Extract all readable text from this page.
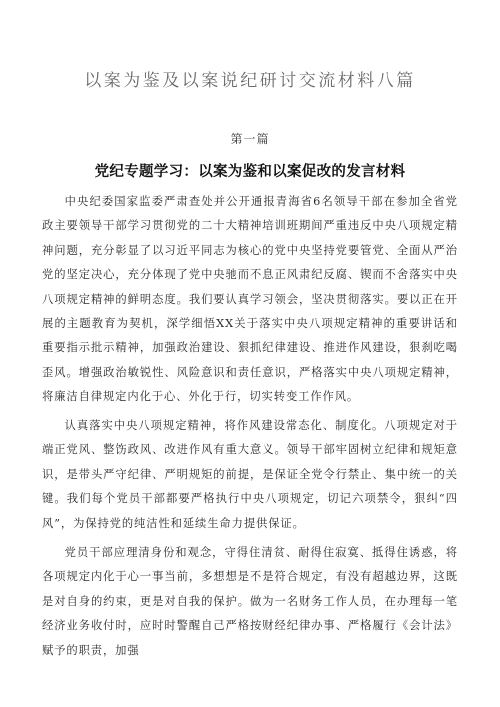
以案为鉴及以案说纪研讨交流材料八篇
第一篇
党纪专题学习：以案为鉴和以案促改的发言材料

中央纪委国家监委严肃查处并公开通报青海省6名领导干部在参加全省党政主要领导干部学习贯彻党的二十大精神培训班期间严重违反中央八项规定精神问题，充分彰显了以习近平同志为核心的党中央坚持党要管党、全面从严治党的坚定决心，充分体现了党中央驰而不息正风肃纪反腐、锲而不舍落实中央八项规定精神的鲜明态度。我们要认真学习领会，坚决贯彻落实。要以正在开展的主题教育为契机，深学细悟XX关于落实中央八项规定精神的重要讲话和重要指示批示精神，加强政治建设、狠抓纪律建设、推进作风建设，狠刹吃喝歪风。增强政治敏锐性、风险意识和责任意识，严格落实中央八项规定精神，将廉洁自律规定内化于心、外化于行，切实转变工作作风。

认真落实中央八项规定精神，将作风建设常态化、制度化。八项规定对于端正党风、整饬政风、改进作风有重大意义。领导干部牢固树立纪律和规矩意识，是带头严守纪律、严明规矩的前提，是保证全党令行禁止、集中统一的关键。我们每个党员干部都要严格执行中央八项规定，切记六项禁令，狠纠“四风”，为保持党的纯洁性和延续生命力提供保证。

党员干部应理清身份和观念，守得住清贫、耐得住寂寞、抵得住诱惑，将各项规定内化于心一事当前，多想想是不是符合规定，有没有超越边界，这既是对自身的约束，更是对自我的保护。做为一名财务工作人员，在办理每一笔经济业务收付时，应时时警醒自己严格按财经纪律办事、严格履行《会计法》赋予的职责，加强
